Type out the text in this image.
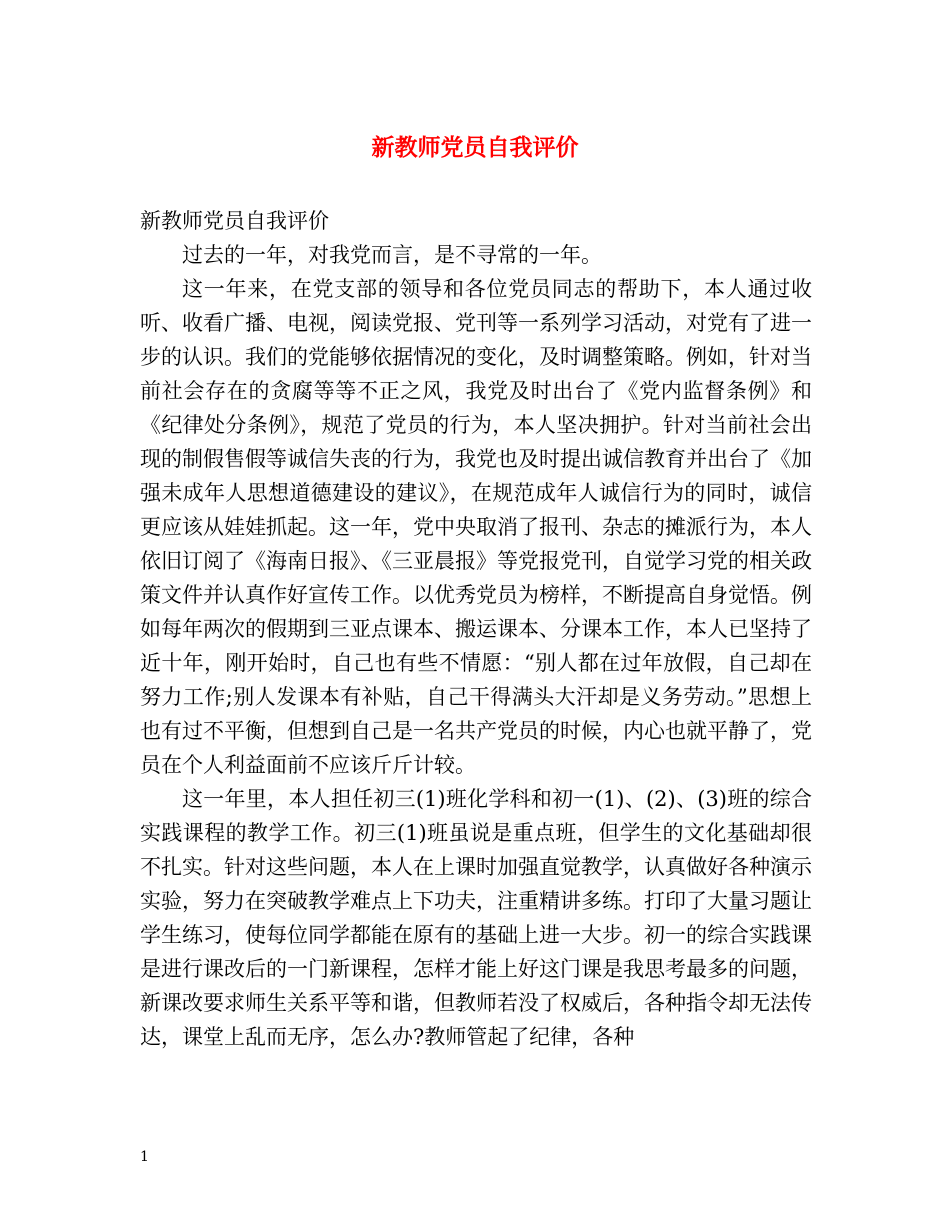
新教师党员自我评价

新教师党员自我评价

过去的一年，对我党而言，是不寻常的一年。

这一年来，在党支部的领导和各位党员同志的帮助下，本人通过收听、收看广播、电视，阅读党报、党刊等一系列学习活动，对党有了进一步的认识。我们的党能够依据情况的变化，及时调整策略。例如，针对当前社会存在的贪腐等等不正之风，我党及时出台了《党内监督条例》和《纪律处分条例》，规范了党员的行为，本人坚决拥护。针对当前社会出现的制假售假等诚信失丧的行为，我党也及时提出诚信教育并出台了《加强未成年人思想道德建设的建议》，在规范成年人诚信行为的同时，诚信更应该从娃娃抓起。这一年，党中央取消了报刊、杂志的摊派行为，本人依旧订阅了《海南日报》、《三亚晨报》等党报党刊，自觉学习党的相关政策文件并认真作好宣传工作。以优秀党员为榜样，不断提高自身觉悟。例如每年两次的假期到三亚点课本、搬运课本、分课本工作，本人已坚持了近十年，刚开始时，自己也有些不情愿：“别人都在过年放假，自己却在努力工作;别人发课本有补贴，自己干得满头大汗却是义务劳动。”思想上也有过不平衡，但想到自己是一名共产党员的时候，内心也就平静了，党员在个人利益面前不应该斤斤计较。

这一年里，本人担任初三(1)班化学科和初一(1)、(2)、(3)班的综合实践课程的教学工作。初三(1)班虽说是重点班，但学生的文化基础却很不扎实。针对这些问题，本人在上课时加强直觉教学，认真做好各种演示实验，努力在突破教学难点上下功夫，注重精讲多练。打印了大量习题让学生练习，使每位同学都能在原有的基础上进一大步。初一的综合实践课是进行课改后的一门新课程，怎样才能上好这门课是我思考最多的问题，新课改要求师生关系平等和谐，但教师若没了权威后，各种指令却无法传达，课堂上乱而无序，怎么办?教师管起了纪律，各种

1
